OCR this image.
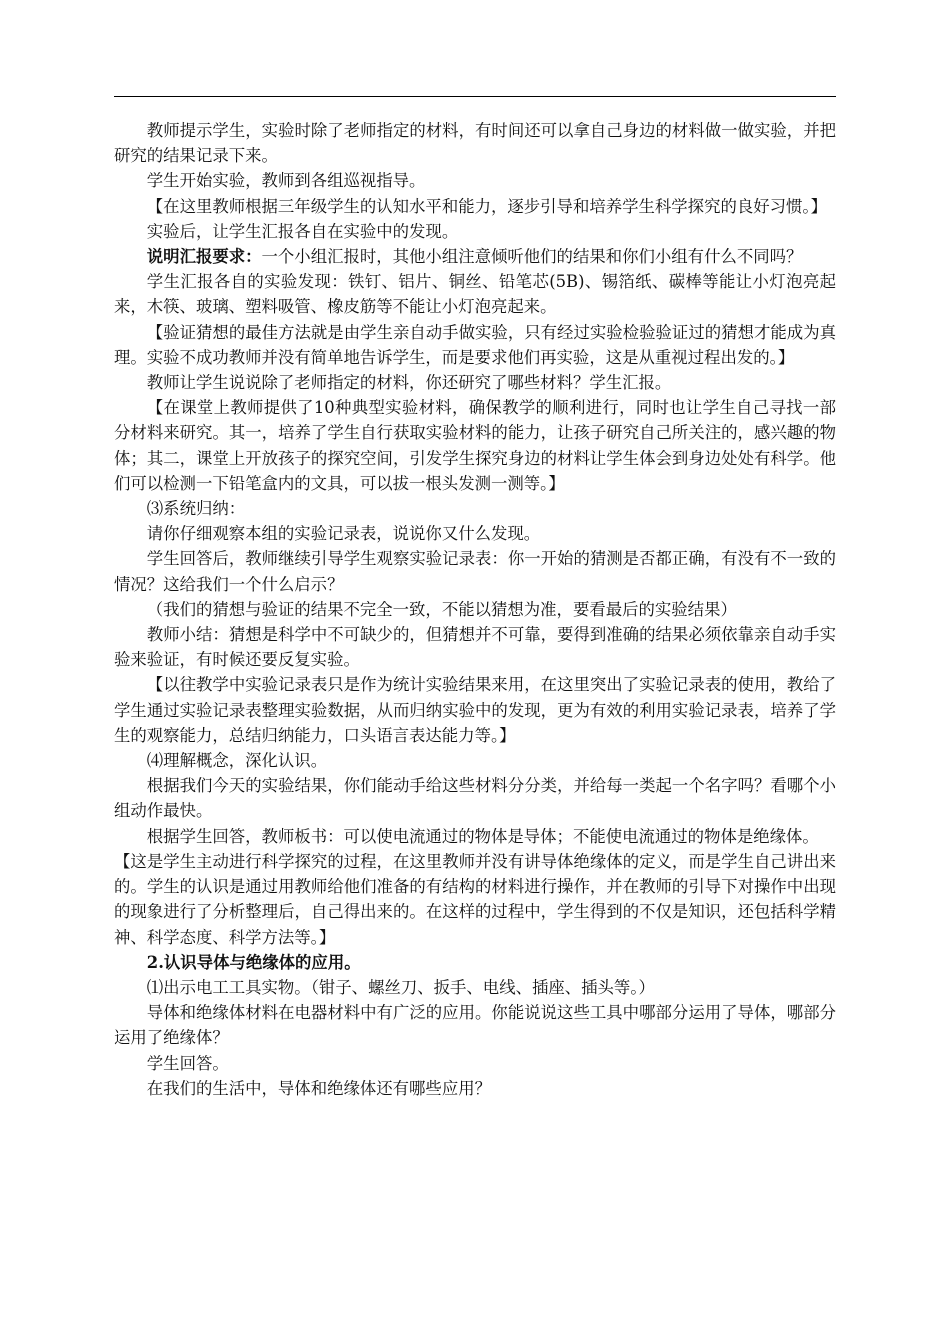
教师提示学生，实验时除了老师指定的材料，有时间还可以拿自己身边的材料做一做实验，并把研究的结果记录下来。

学生开始实验，教师到各组巡视指导。

【在这里教师根据三年级学生的认知水平和能力，逐步引导和培养学生科学探究的良好习惯。】

实验后，让学生汇报各自在实验中的发现。

说明汇报要求：一个小组汇报时，其他小组注意倾听他们的结果和你们小组有什么不同吗？

学生汇报各自的实验发现：铁钉、铝片、铜丝、铅笔芯(5B)、锡箔纸、碳棒等能让小灯泡亮起来，木筷、玻璃、塑料吸管、橡皮筋等不能让小灯泡亮起来。

【验证猜想的最佳方法就是由学生亲自动手做实验，只有经过实验检验验证过的猜想才能成为真理。实验不成功教师并没有简单地告诉学生，而是要求他们再实验，这是从重视过程出发的。】

教师让学生说说除了老师指定的材料，你还研究了哪些材料？学生汇报。

【在课堂上教师提供了10种典型实验材料，确保教学的顺利进行，同时也让学生自己寻找一部分材料来研究。其一，培养了学生自行获取实验材料的能力，让孩子研究自己所关注的，感兴趣的物体；其二，课堂上开放孩子的探究空间，引发学生探究身边的材料让学生体会到身边处处有科学。他们可以检测一下铅笔盒内的文具，可以拔一根头发测一测等。】

⑶系统归纳：

请你仔细观察本组的实验记录表，说说你又什么发现。

学生回答后，教师继续引导学生观察实验记录表：你一开始的猜测是否都正确，有没有不一致的情况？这给我们一个什么启示？

（我们的猜想与验证的结果不完全一致，不能以猜想为准，要看最后的实验结果）

教师小结：猜想是科学中不可缺少的，但猜想并不可靠，要得到准确的结果必须依靠亲自动手实验来验证，有时候还要反复实验。

【以往教学中实验记录表只是作为统计实验结果来用，在这里突出了实验记录表的使用，教给了学生通过实验记录表整理实验数据，从而归纳实验中的发现，更为有效的利用实验记录表，培养了学生的观察能力，总结归纳能力，口头语言表达能力等。】

⑷理解概念，深化认识。

根据我们今天的实验结果，你们能动手给这些材料分分类，并给每一类起一个名字吗？看哪个小组动作最快。

根据学生回答，教师板书：可以使电流通过的物体是导体；不能使电流通过的物体是绝缘体。

【这是学生主动进行科学探究的过程，在这里教师并没有讲导体绝缘体的定义，而是学生自己讲出来的。学生的认识是通过用教师给他们准备的有结构的材料进行操作，并在教师的引导下对操作中出现的现象进行了分析整理后，自己得出来的。在这样的过程中，学生得到的不仅是知识，还包括科学精神、科学态度、科学方法等。】

2.认识导体与绝缘体的应用。

⑴出示电工工具实物。（钳子、螺丝刀、扳手、电线、插座、插头等。）

导体和绝缘体材料在电器材料中有广泛的应用。你能说说这些工具中哪部分运用了导体，哪部分运用了绝缘体？

学生回答。

在我们的生活中，导体和绝缘体还有哪些应用？
